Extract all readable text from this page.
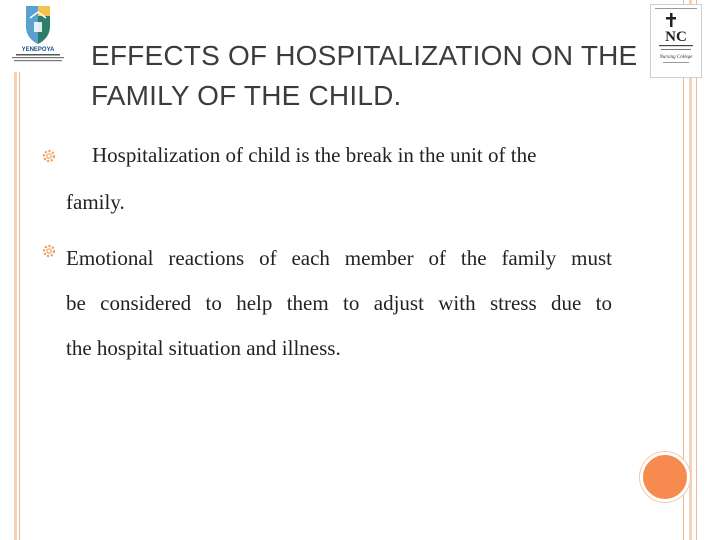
YENEPOYA
NC
Nursing College
EFFECTS OF HOSPITALIZATION ON THE FAMILY OF THE CHILD.
Hospitalization of child is the break in the unit of the
family.
Emotional reactions of each member of the family must
be considered to help them to adjust with stress due to
the hospital situation and illness.
